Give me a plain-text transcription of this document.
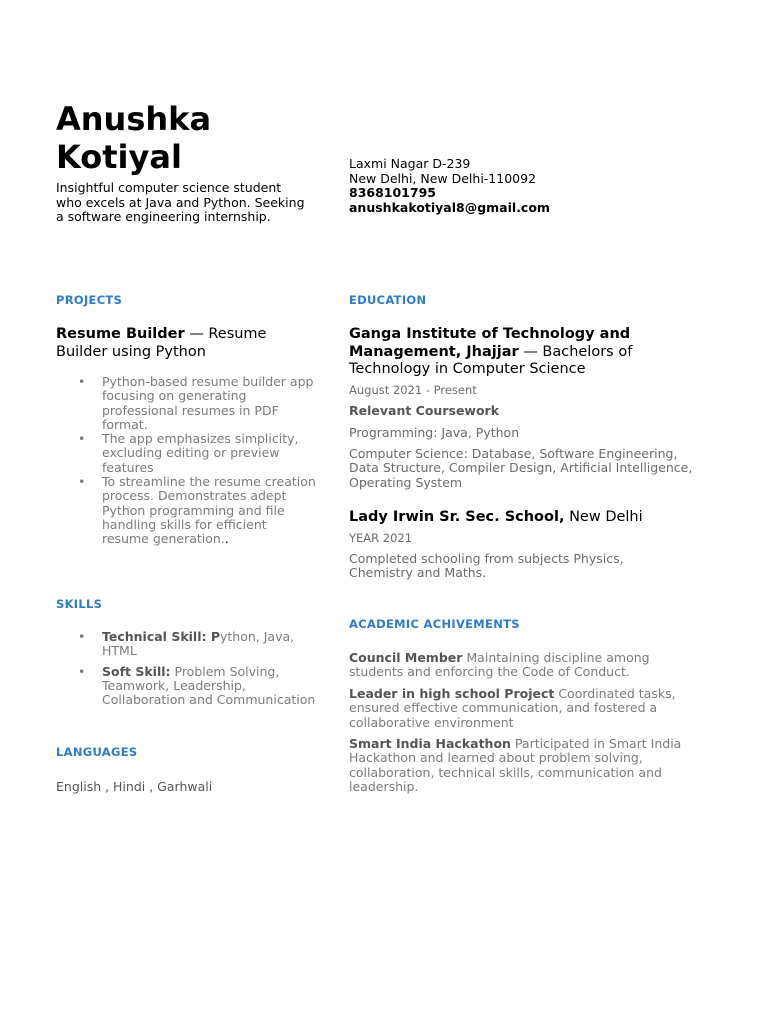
Anushka
Kotiyal
Insightful computer science student who excels at Java and Python. Seeking a software engineering internship.
Laxmi Nagar D-239
New Delhi, New Delhi-110092
8368101795
anushkakotiyal8@gmail.com
PROJECTS
Resume Builder — Resume Builder using Python
• Python-based resume builder app focusing on generating professional resumes in PDF format.
• The app emphasizes simplicity, excluding editing or preview features
• To streamline the resume creation process. Demonstrates adept Python programming and file handling skills for efficient resume generation..
SKILLS
• Technical Skill: Python, Java, HTML
• Soft Skill: Problem Solving, Teamwork, Leadership, Collaboration and Communication
LANGUAGES
English , Hindi , Garhwali
EDUCATION
Ganga Institute of Technology and Management, Jhajjar — Bachelors of Technology in Computer Science
August 2021 - Present
Relevant Coursework
Programming: Java, Python
Computer Science: Database, Software Engineering, Data Structure, Compiler Design, Artificial Intelligence, Operating System
Lady Irwin Sr. Sec. School, New Delhi
YEAR 2021
Completed schooling from subjects Physics, Chemistry and Maths.
ACADEMIC ACHIVEMENTS
Council Member Maintaining discipline among students and enforcing the Code of Conduct.
Leader in high school Project Coordinated tasks, ensured effective communication, and fostered a collaborative environment
Smart India Hackathon Participated in Smart India Hackathon and learned about problem solving, collaboration, technical skills, communication and leadership.
